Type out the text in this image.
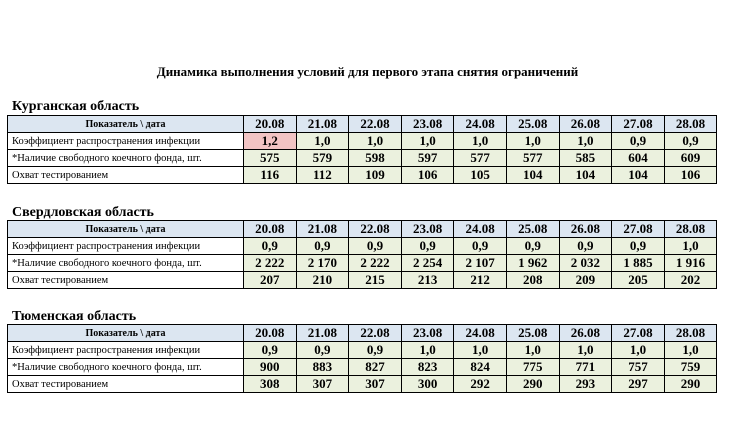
Динамика выполнения условий для первого этапа снятия ограничений
Курганская область
Показатель \ дата	20.08	21.08	22.08	23.08	24.08	25.08	26.08	27.08	28.08
Коэффициент распространения инфекции	1,2	1,0	1,0	1,0	1,0	1,0	1,0	0,9	0,9
*Наличие свободного коечного фонда, шт.	575	579	598	597	577	577	585	604	609
Охват тестированием	116	112	109	106	105	104	104	104	106
Свердловская область
Показатель \ дата	20.08	21.08	22.08	23.08	24.08	25.08	26.08	27.08	28.08
Коэффициент распространения инфекции	0,9	0,9	0,9	0,9	0,9	0,9	0,9	0,9	1,0
*Наличие свободного коечного фонда, шт.	2 222	2 170	2 222	2 254	2 107	1 962	2 032	1 885	1 916
Охват тестированием	207	210	215	213	212	208	209	205	202
Тюменская область
Показатель \ дата	20.08	21.08	22.08	23.08	24.08	25.08	26.08	27.08	28.08
Коэффициент распространения инфекции	0,9	0,9	0,9	1,0	1,0	1,0	1,0	1,0	1,0
*Наличие свободного коечного фонда, шт.	900	883	827	823	824	775	771	757	759
Охват тестированием	308	307	307	300	292	290	293	297	290
